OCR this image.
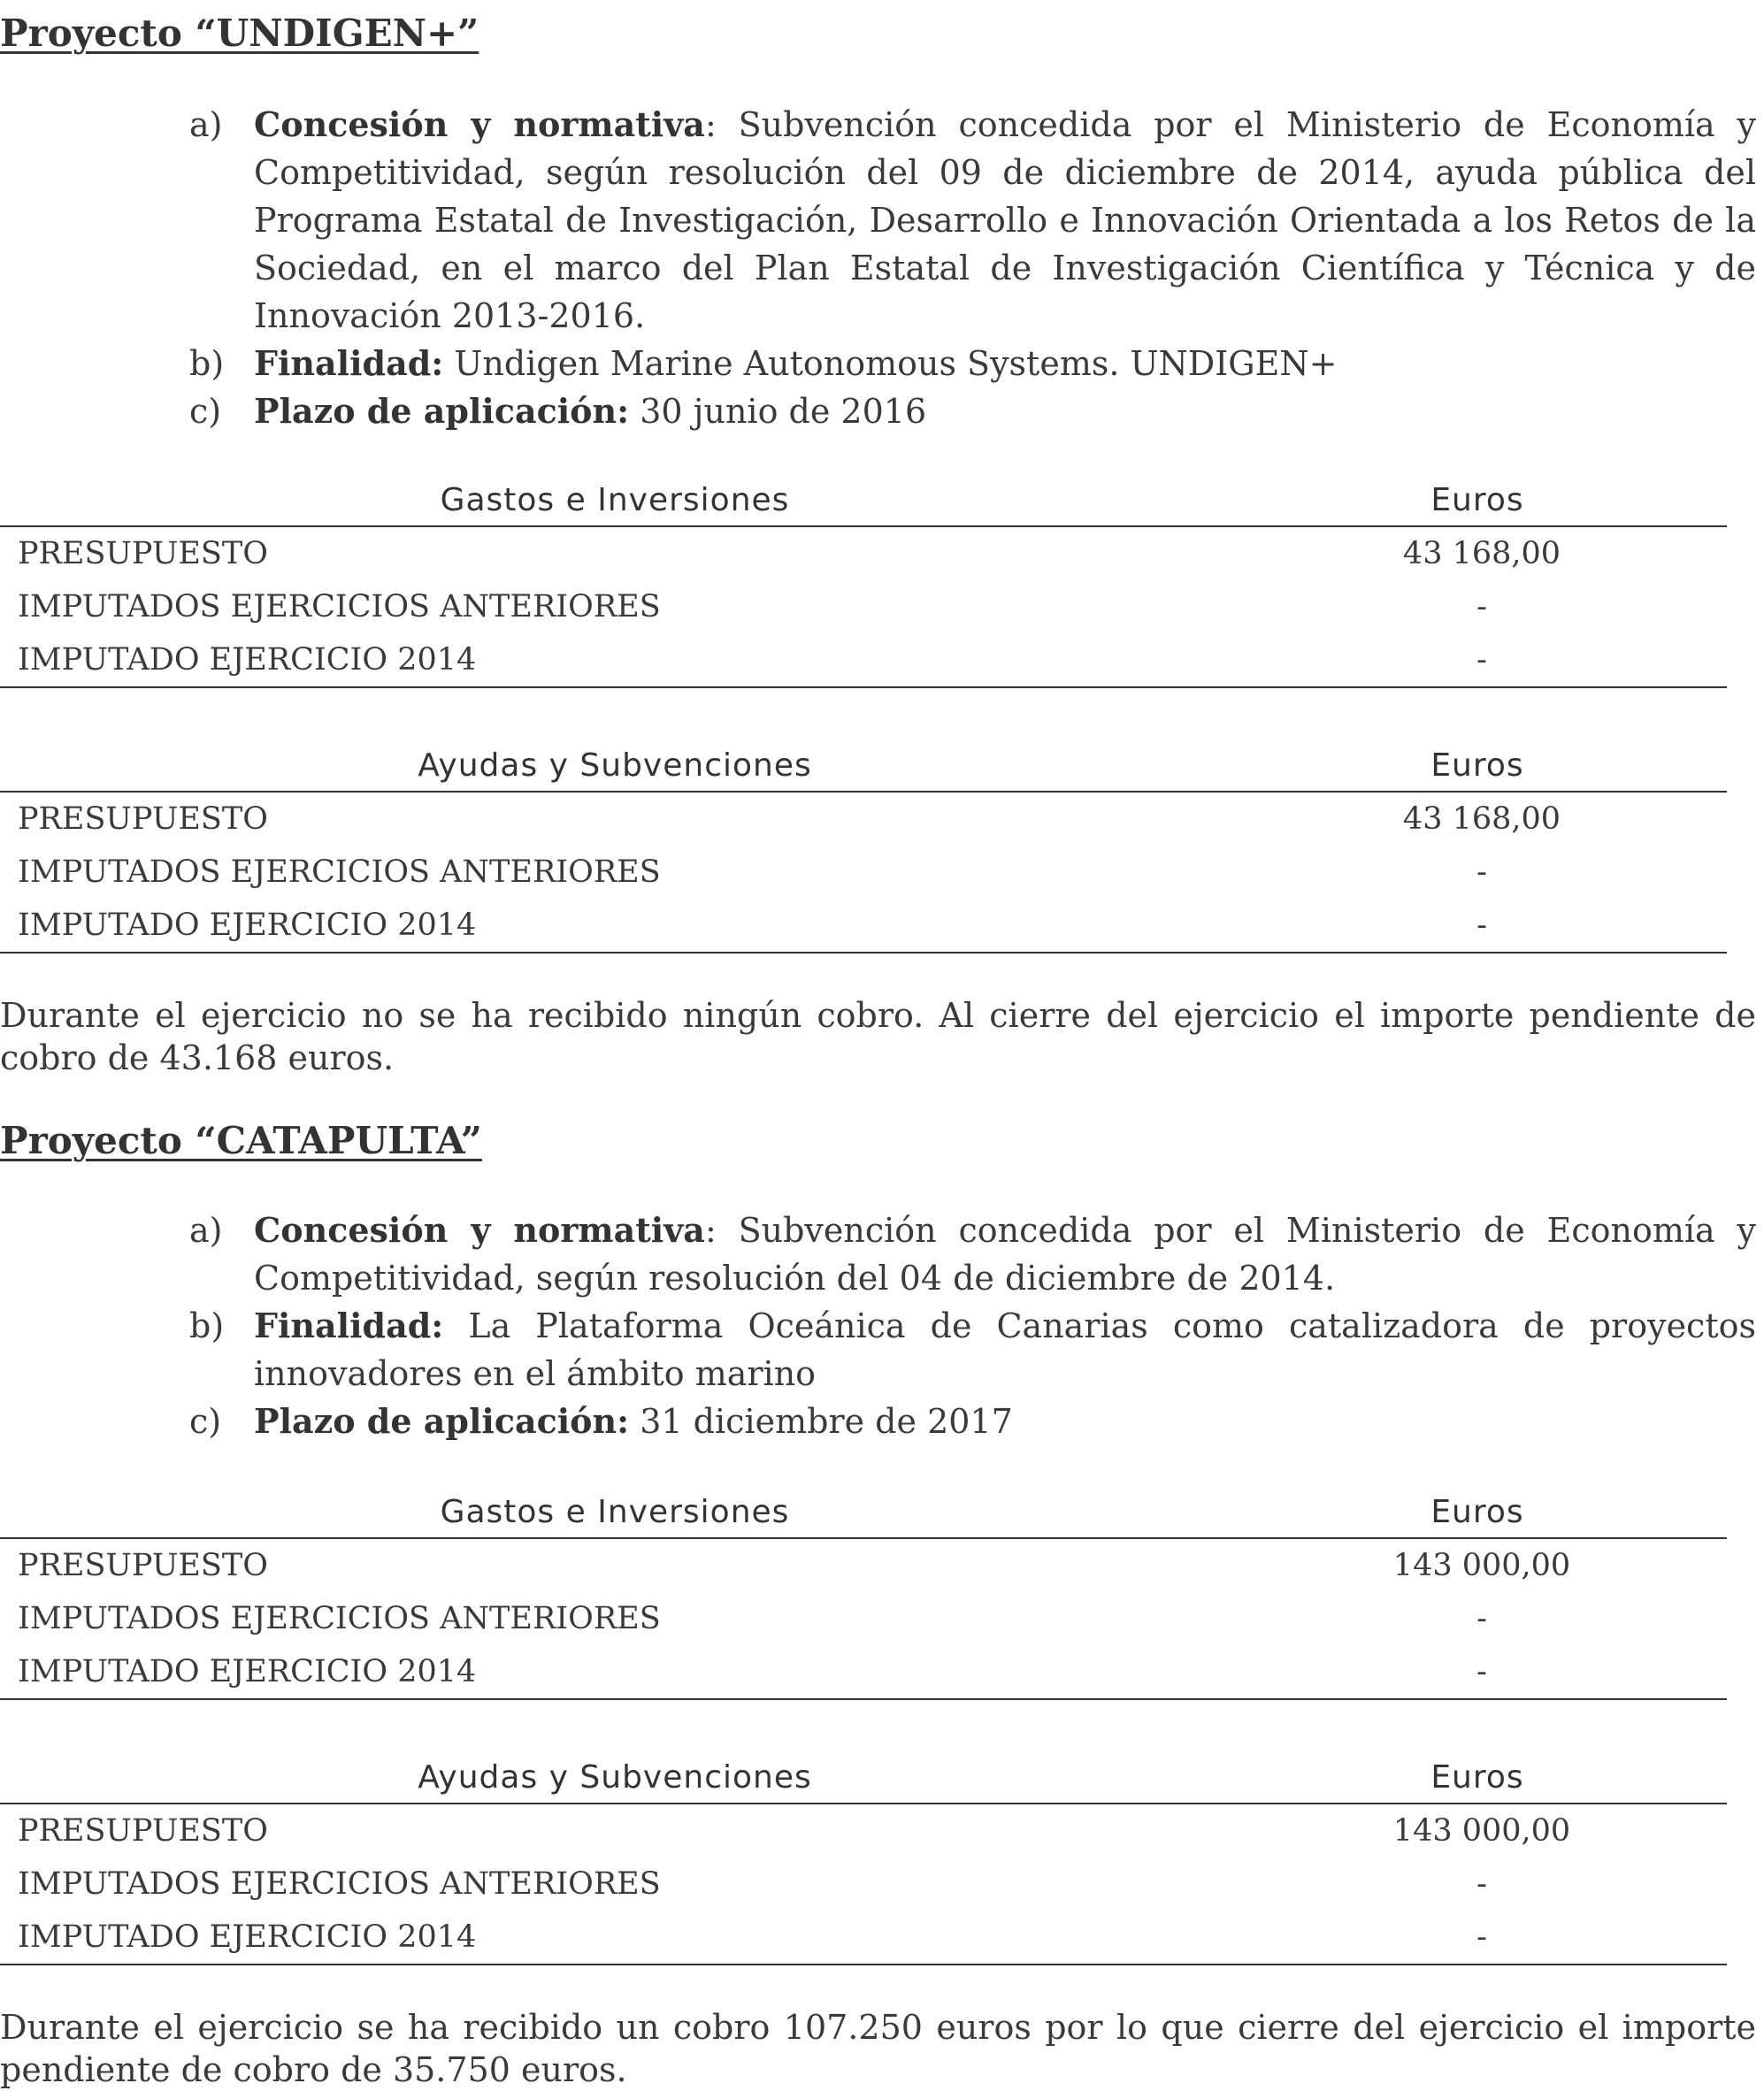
Proyecto “UNDIGEN+”
a) Concesión y normativa: Subvención concedida por el Ministerio de Economía y Competitividad, según resolución del 09 de diciembre de 2014, ayuda pública del Programa Estatal de Investigación, Desarrollo e Innovación Orientada a los Retos de la Sociedad, en el marco del Plan Estatal de Investigación Científica y Técnica y de Innovación 2013-2016.
b) Finalidad: Undigen Marine Autonomous Systems. UNDIGEN+
c) Plazo de aplicación: 30 junio de 2016
Gastos e Inversiones	Euros
PRESUPUESTO	43 168,00
IMPUTADOS EJERCICIOS ANTERIORES	-
IMPUTADO EJERCICIO 2014	-
Ayudas y Subvenciones	Euros
PRESUPUESTO	43 168,00
IMPUTADOS EJERCICIOS ANTERIORES	-
IMPUTADO EJERCICIO 2014	-
Durante el ejercicio no se ha recibido ningún cobro. Al cierre del ejercicio el importe pendiente de cobro de 43.168 euros.
Proyecto “CATAPULTA”
a) Concesión y normativa: Subvención concedida por el Ministerio de Economía y Competitividad, según resolución del 04 de diciembre de 2014.
b) Finalidad: La Plataforma Oceánica de Canarias como catalizadora de proyectos innovadores en el ámbito marino
c) Plazo de aplicación: 31 diciembre de 2017
Gastos e Inversiones	Euros
PRESUPUESTO	143 000,00
IMPUTADOS EJERCICIOS ANTERIORES	-
IMPUTADO EJERCICIO 2014	-
Ayudas y Subvenciones	Euros
PRESUPUESTO	143 000,00
IMPUTADOS EJERCICIOS ANTERIORES	-
IMPUTADO EJERCICIO 2014	-
Durante el ejercicio se ha recibido un cobro 107.250 euros por lo que cierre del ejercicio el importe pendiente de cobro de 35.750 euros.
